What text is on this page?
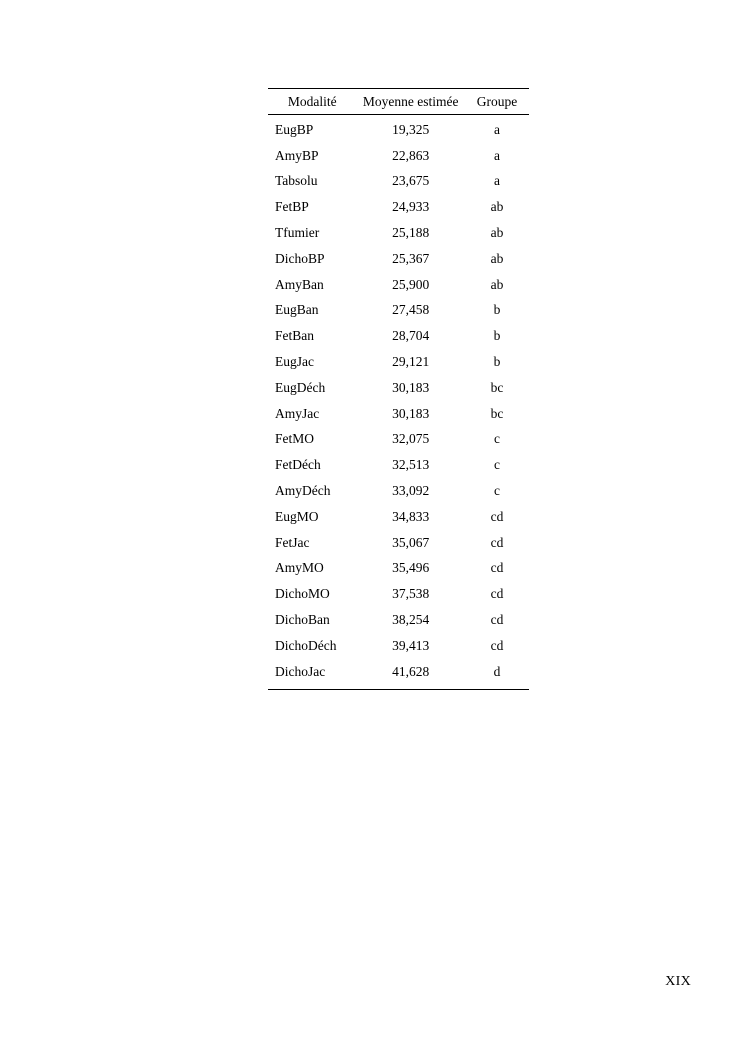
Modalité	Moyenne estimée	Groupe
EugBP	19,325	a
AmyBP	22,863	a
Tabsolu	23,675	a
FetBP	24,933	ab
Tfumier	25,188	ab
DichoBP	25,367	ab
AmyBan	25,900	ab
EugBan	27,458	b
FetBan	28,704	b
EugJac	29,121	b
EugDéch	30,183	bc
AmyJac	30,183	bc
FetMO	32,075	c
FetDéch	32,513	c
AmyDéch	33,092	c
EugMO	34,833	cd
FetJac	35,067	cd
AmyMO	35,496	cd
DichoMO	37,538	cd
DichoBan	38,254	cd
DichoDéch	39,413	cd
DichoJac	41,628	d
XIX
